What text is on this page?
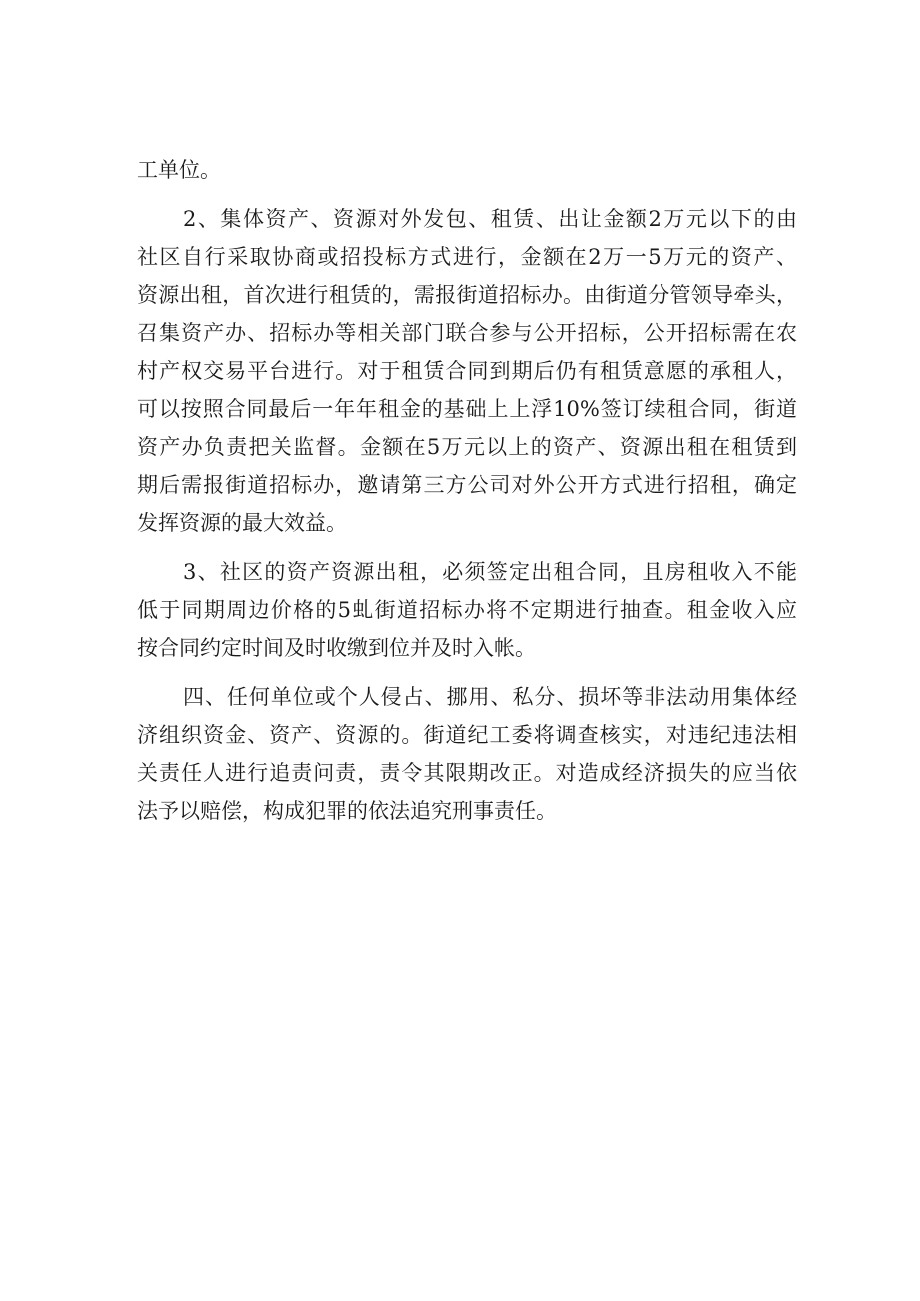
工单位。
2、集体资产、资源对外发包、租赁、出让金额2万元以下的由
社区自行采取协商或招投标方式进行，金额在2万一5万元的资产、
资源出租，首次进行租赁的，需报街道招标办。由街道分管领导牵头，
召集资产办、招标办等相关部门联合参与公开招标，公开招标需在农
村产权交易平台进行。对于租赁合同到期后仍有租赁意愿的承租人，
可以按照合同最后一年年租金的基础上上浮10%签订续租合同，街道
资产办负责把关监督。金额在5万元以上的资产、资源出租在租赁到
期后需报街道招标办，邀请第三方公司对外公开方式进行招租，确定
发挥资源的最大效益。
3、社区的资产资源出租，必须签定出租合同，且房租收入不能
低于同期周边价格的5虬街道招标办将不定期进行抽查。租金收入应
按合同约定时间及时收缴到位并及时入帐。
四、任何单位或个人侵占、挪用、私分、损坏等非法动用集体经
济组织资金、资产、资源的。街道纪工委将调查核实，对违纪违法相
关责任人进行追责问责，责令其限期改正。对造成经济损失的应当依
法予以赔偿，构成犯罪的依法追究刑事责任。
